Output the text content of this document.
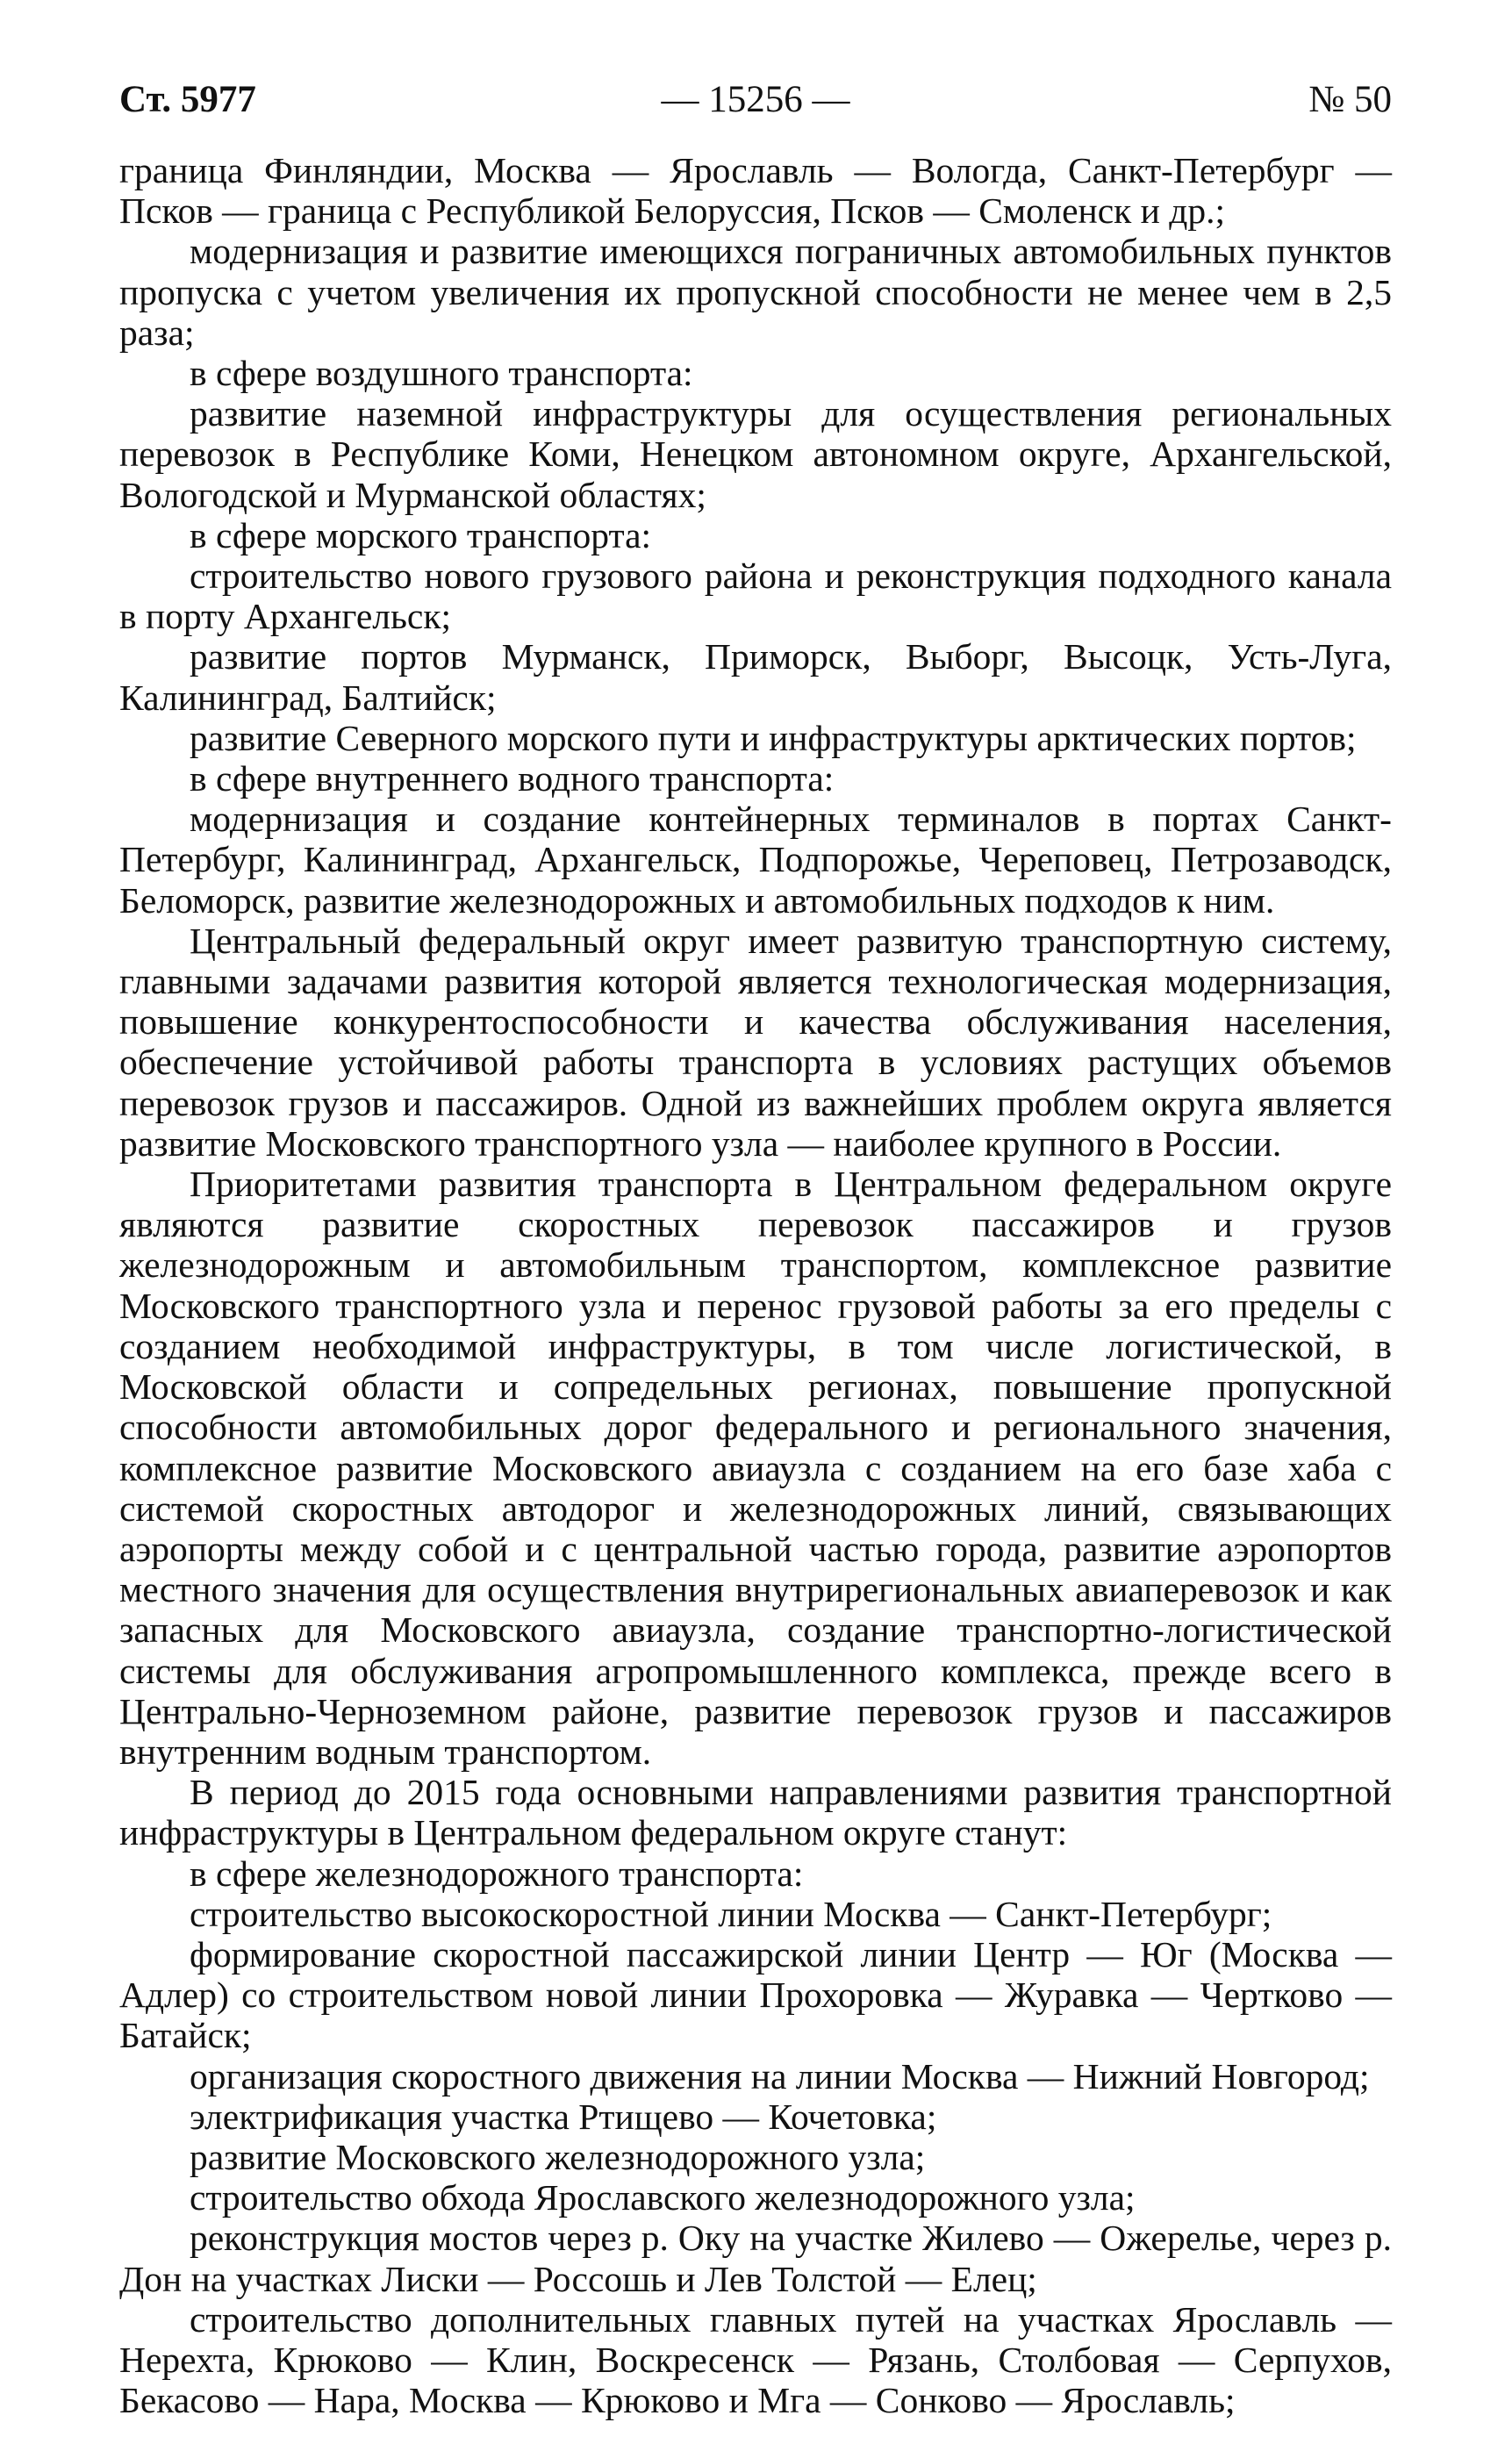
Ст. 5977	— 15256 —	№ 50

граница Финляндии, Москва — Ярославль — Вологда, Санкт-Петербург — Псков — граница с Республикой Белоруссия, Псков — Смоленск и др.;

модернизация и развитие имеющихся пограничных автомобильных пунктов пропуска с учетом увеличения их пропускной способности не менее чем в 2,5 раза;

в сфере воздушного транспорта:

развитие наземной инфраструктуры для осуществления региональных перевозок в Республике Коми, Ненецком автономном округе, Архангельской, Вологодской и Мурманской областях;

в сфере морского транспорта:

строительство нового грузового района и реконструкция подходного канала в порту Архангельск;

развитие портов Мурманск, Приморск, Выборг, Высоцк, Усть-Луга, Калининград, Балтийск;

развитие Северного морского пути и инфраструктуры арктических портов;

в сфере внутреннего водного транспорта:

модернизация и создание контейнерных терминалов в портах Санкт-Петербург, Калининград, Архангельск, Подпорожье, Череповец, Петрозаводск, Беломорск, развитие железнодорожных и автомобильных подходов к ним.

Центральный федеральный округ имеет развитую транспортную систему, главными задачами развития которой является технологическая модернизация, повышение конкурентоспособности и качества обслуживания населения, обеспечение устойчивой работы транспорта в условиях растущих объемов перевозок грузов и пассажиров. Одной из важнейших проблем округа является развитие Московского транспортного узла — наиболее крупного в России.

Приоритетами развития транспорта в Центральном федеральном округе являются развитие скоростных перевозок пассажиров и грузов железнодорожным и автомобильным транспортом, комплексное развитие Московского транспортного узла и перенос грузовой работы за его пределы с созданием необходимой инфраструктуры, в том числе логистической, в Московской области и сопредельных регионах, повышение пропускной способности автомобильных дорог федерального и регионального значения, комплексное развитие Московского авиаузла с созданием на его базе хаба с системой скоростных автодорог и железнодорожных линий, связывающих аэропорты между собой и с центральной частью города, развитие аэропортов местного значения для осуществления внутрирегиональных авиаперевозок и как запасных для Московского авиаузла, создание транспортно-логистической системы для обслуживания агропромышленного комплекса, прежде всего в Центрально-Черноземном районе, развитие перевозок грузов и пассажиров внутренним водным транспортом.

В период до 2015 года основными направлениями развития транспортной инфраструктуры в Центральном федеральном округе станут:

в сфере железнодорожного транспорта:

строительство высокоскоростной линии Москва — Санкт-Петербург;

формирование скоростной пассажирской линии Центр — Юг (Москва — Адлер) со строительством новой линии Прохоровка — Журавка — Чертково — Батайск;

организация скоростного движения на линии Москва — Нижний Новгород;

электрификация участка Ртищево — Кочетовка;

развитие Московского железнодорожного узла;

строительство обхода Ярославского железнодорожного узла;

реконструкция мостов через р. Оку на участке Жилево — Ожерелье, через р. Дон на участках Лиски — Россошь и Лев Толстой — Елец;

строительство дополнительных главных путей на участках Ярославль — Нерехта, Крюково — Клин, Воскресенск — Рязань, Столбовая — Серпухов, Бекасово — Нара, Москва — Крюково и Мга — Сонково — Ярославль;
